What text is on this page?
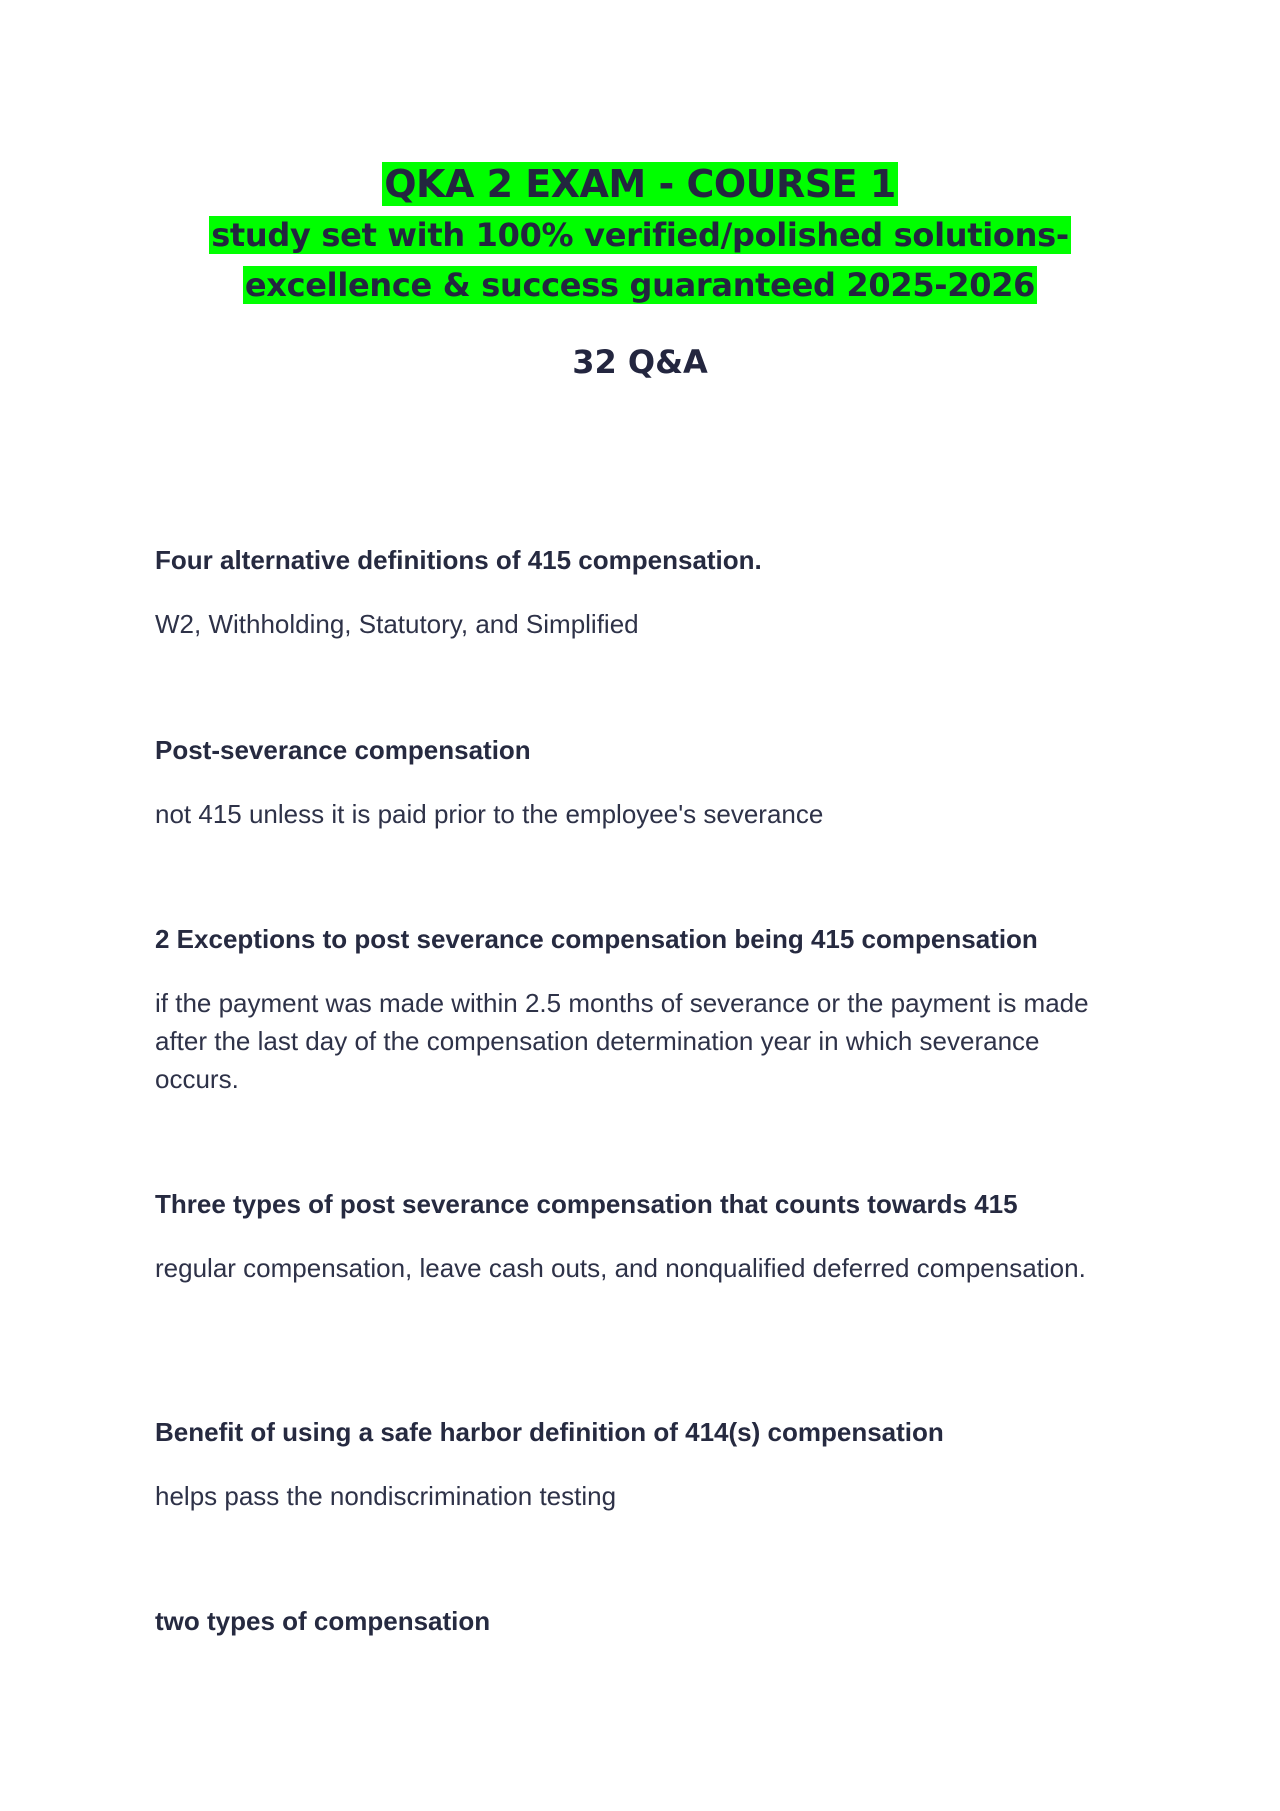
QKA 2 EXAM - COURSE 1
study set with 100% verified/polished solutions-
excellence & success guaranteed 2025-2026
32 Q&A

Four alternative definitions of 415 compensation.

W2, Withholding, Statutory, and Simplified

Post-severance compensation

not 415 unless it is paid prior to the employee's severance

2 Exceptions to post severance compensation being 415 compensation

if the payment was made within 2.5 months of severance or the payment is made after the last day of the compensation determination year in which severance occurs.

Three types of post severance compensation that counts towards 415

regular compensation, leave cash outs, and nonqualified deferred compensation.

Benefit of using a safe harbor definition of 414(s) compensation

helps pass the nondiscrimination testing

two types of compensation
